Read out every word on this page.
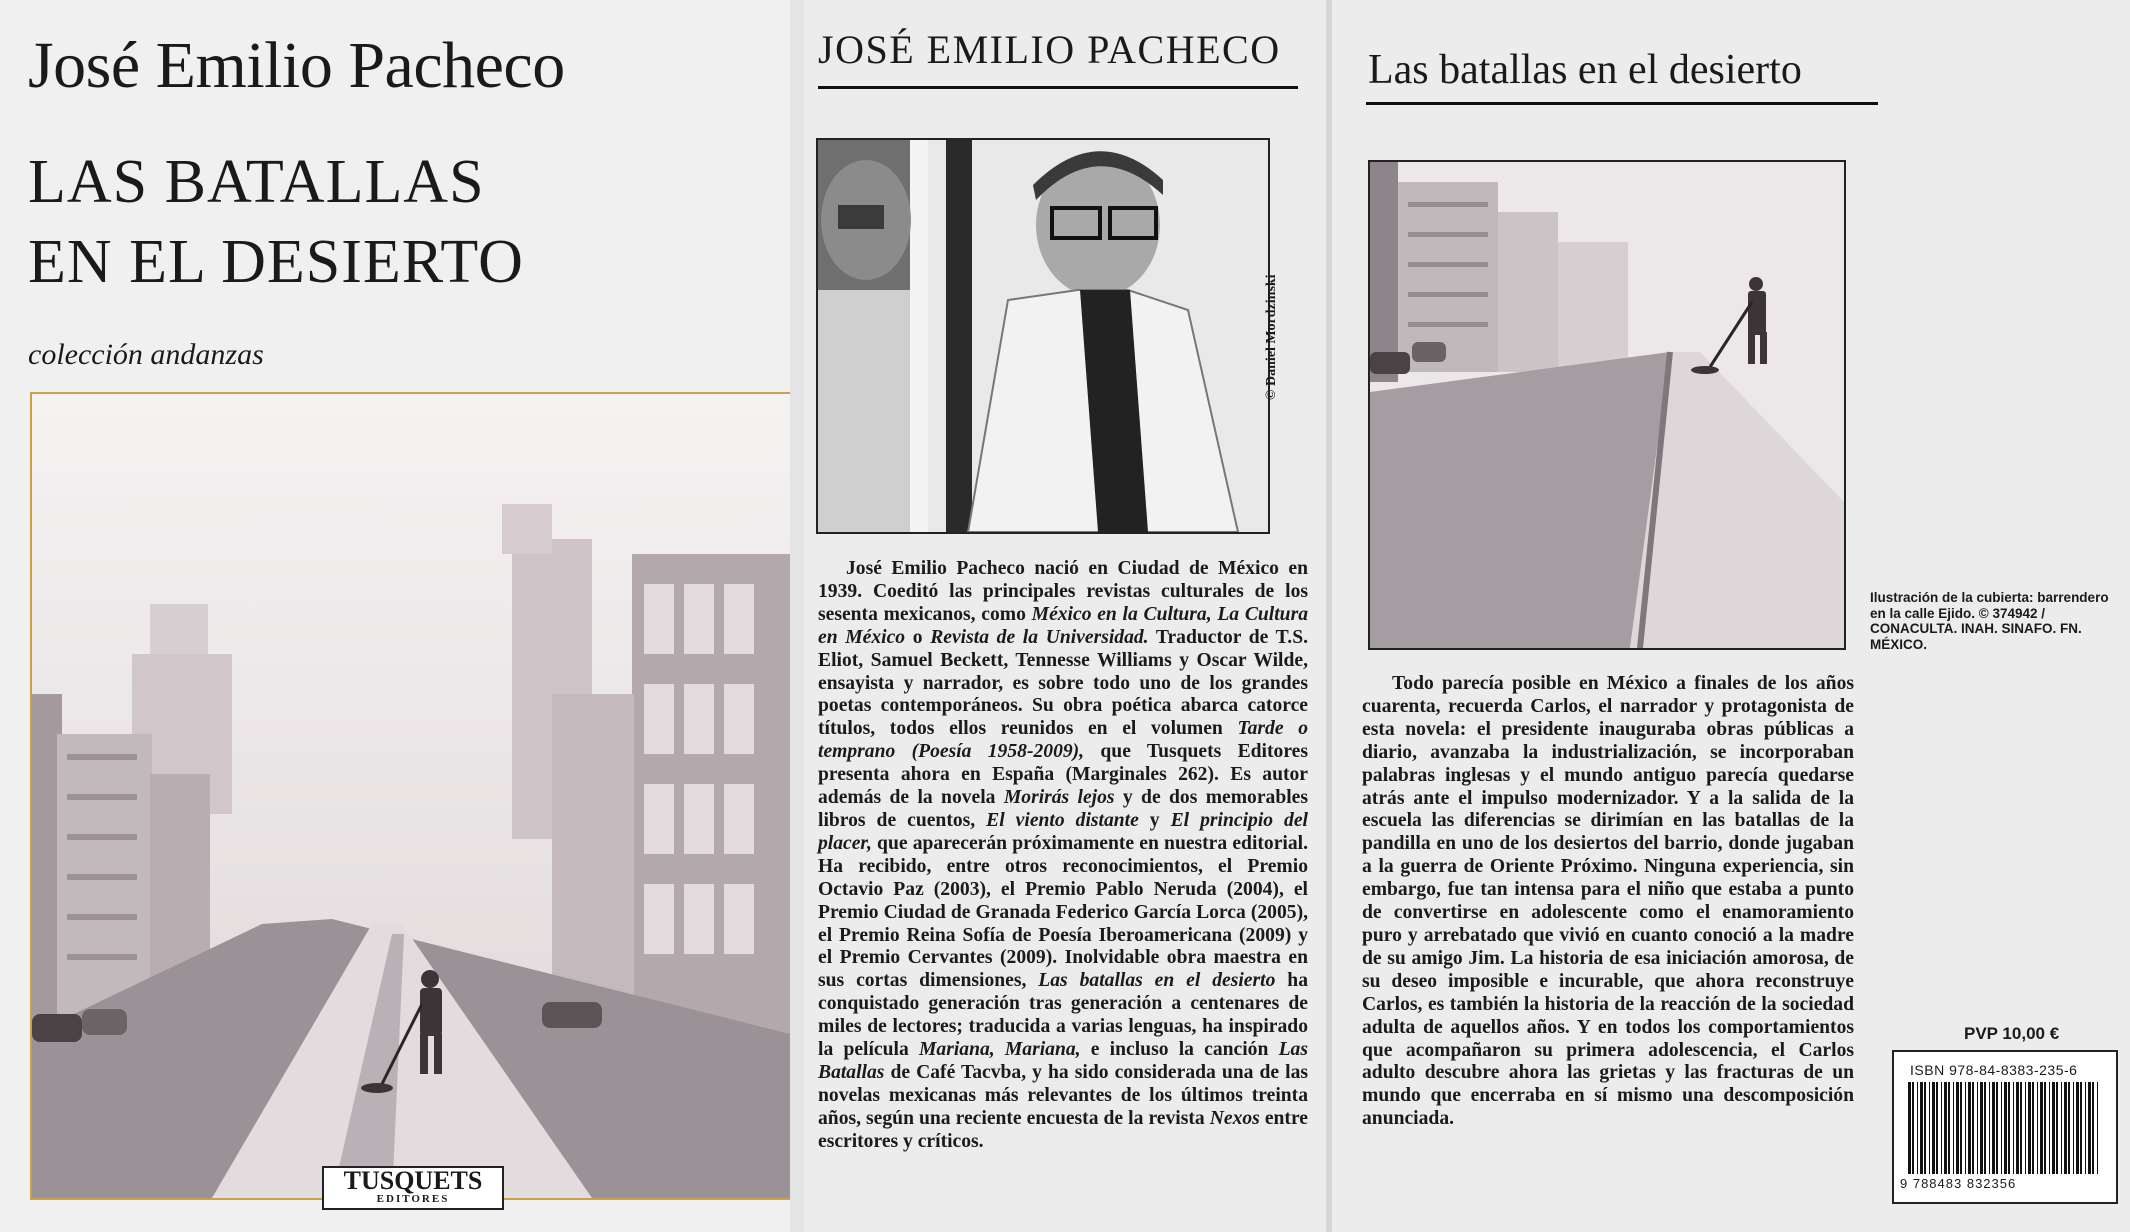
José Emilio Pacheco
LAS BATALLAS
EN EL DESIERTO
colección andanzas
TUSQUETS
EDITORES
JOSÉ EMILIO PACHECO
© Daniel Mordzinski

José Emilio Pacheco nació en Ciudad de México en 1939. Coeditó las principales revistas culturales de los sesenta mexicanos, como México en la Cultura, La Cultura en México o Revista de la Universidad. Traductor de T.S. Eliot, Samuel Beckett, Tennesse Williams y Oscar Wilde, ensayista y narrador, es sobre todo uno de los grandes poetas contemporáneos. Su obra poética abarca catorce títulos, todos ellos reunidos en el volumen Tarde o temprano (Poesía 1958-2009), que Tusquets Editores presenta ahora en España (Marginales 262). Es autor además de la novela Morirás lejos y de dos memorables libros de cuentos, El viento distante y El principio del placer, que aparecerán próximamente en nuestra editorial. Ha recibido, entre otros reconocimientos, el Premio Octavio Paz (2003), el Premio Pablo Neruda (2004), el Premio Ciudad de Granada Federico García Lorca (2005), el Premio Reina Sofía de Poesía Iberoamericana (2009) y el Premio Cervantes (2009). Inolvidable obra maestra en sus cortas dimensiones, Las batallas en el desierto ha conquistado generación tras generación a centenares de miles de lectores; traducida a varias lenguas, ha inspirado la película Mariana, Mariana, e incluso la canción Las Batallas de Café Tacvba, y ha sido considerada una de las novelas mexicanas más relevantes de los últimos treinta años, según una reciente encuesta de la revista Nexos entre escritores y críticos.

Las batallas en el desierto
Ilustración de la cubierta: barrendero en la calle Ejido. © 374942 / CONACULTA. INAH. SINAFO. FN. MÉXICO.

Todo parecía posible en México a finales de los años cuarenta, recuerda Carlos, el narrador y protagonista de esta novela: el presidente inauguraba obras públicas a diario, avanzaba la industrialización, se incorporaban palabras inglesas y el mundo antiguo parecía quedarse atrás ante el impulso modernizador. Y a la salida de la escuela las diferencias se dirimían en las batallas de la pandilla en uno de los desiertos del barrio, donde jugaban a la guerra de Oriente Próximo. Ninguna experiencia, sin embargo, fue tan intensa para el niño que estaba a punto de convertirse en adolescente como el enamoramiento puro y arrebatado que vivió en cuanto conoció a la madre de su amigo Jim. La historia de esa iniciación amorosa, de su deseo imposible e incurable, que ahora reconstruye Carlos, es también la historia de la reacción de la sociedad adulta de aquellos años. Y en todos los comportamientos que acompañaron su primera adolescencia, el Carlos adulto descubre ahora las grietas y las fracturas de un mundo que encerraba en sí mismo una descomposición anunciada.

PVP 10,00 €
ISBN 978-84-8383-235-6
9 788483 832356
